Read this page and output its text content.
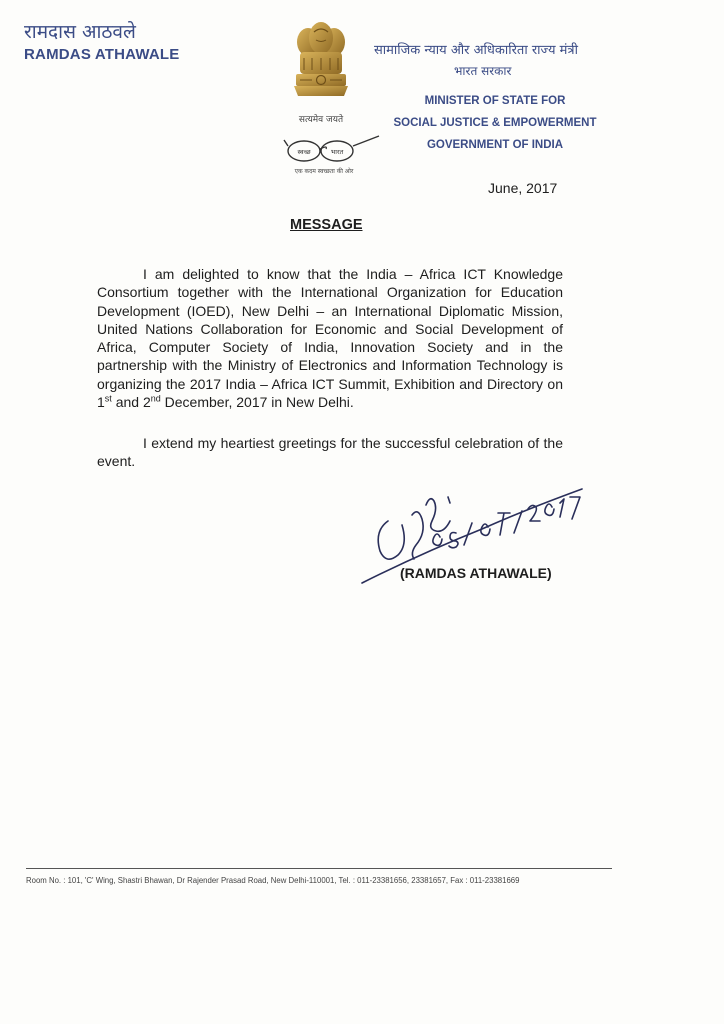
रामदास आठवले
RAMDAS ATHAWALE
सत्यमेव जयते
स्वच्छ	भारत
एक कदम स्वच्छता की ओर
सामाजिक न्याय और अधिकारिता राज्य मंत्री
भारत सरकार
MINISTER OF STATE FOR
SOCIAL JUSTICE & EMPOWERMENT
GOVERNMENT OF INDIA
June, 2017
MESSAGE
I am delighted to know that the India – Africa ICT Knowledge Consortium together with the International Organization for Education Development (IOED), New Delhi – an International Diplomatic Mission, United Nations Collaboration for Economic and Social Development of Africa, Computer Society of India, Innovation Society and in the partnership with the Ministry of Electronics and Information Technology is organizing the 2017 India – Africa ICT Summit, Exhibition and Directory on 1st and 2nd December, 2017 in New Delhi.
I extend my heartiest greetings for the successful celebration of the event.
(RAMDAS ATHAWALE)
Room No. : 101, 'C' Wing, Shastri Bhawan, Dr Rajender Prasad Road, New Delhi-110001, Tel. : 011-23381656, 23381657, Fax : 011-23381669
